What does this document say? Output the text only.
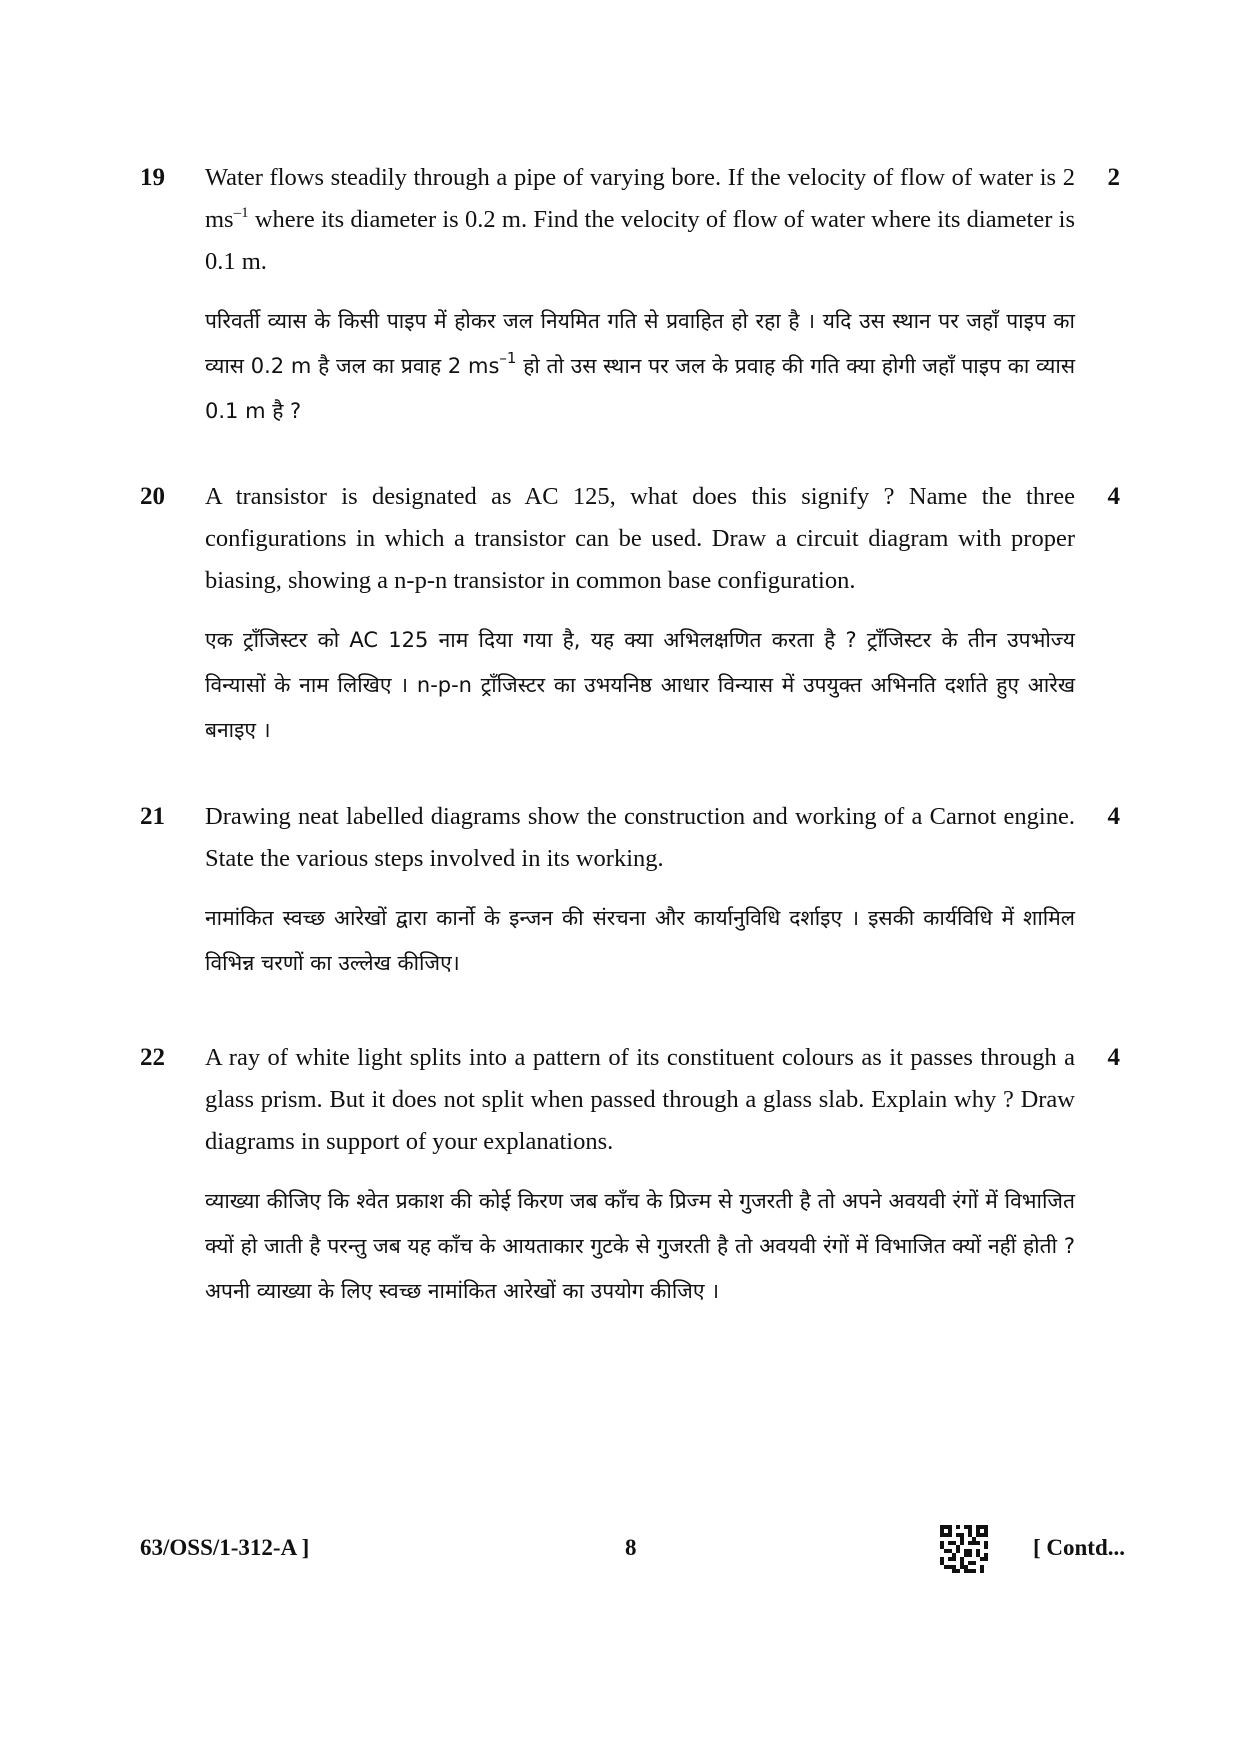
19	2
Water flows steadily through a pipe of varying bore. If the velocity of flow of water is 2 $ms^{-1}$ where its diameter is 0.2 m. Find the velocity of flow of water where its diameter is 0.1 m.
परिवर्ती व्यास के किसी पाइप में होकर जल नियमित गति से प्रवाहित हो रहा है । यदि उस स्थान पर जहाँ पाइप का व्यास 0.2 m है जल का प्रवाह 2 $ms^{-1}$ हो तो उस स्थान पर जल के प्रवाह की गति क्या होगी जहाँ पाइप का व्यास 0.1 m है ?
20	4
A transistor is designated as AC 125, what does this signify ? Name the three configurations in which a transistor can be used. Draw a circuit diagram with proper biasing, showing a n-p-n transistor in common base configuration.
एक ट्राँजिस्टर को AC 125 नाम दिया गया है, यह क्या अभिलक्षणित करता है ? ट्राँजिस्टर के तीन उपभोज्य विन्यासों के नाम लिखिए । n-p-n ट्राँजिस्टर का उभयनिष्ठ आधार विन्यास में उपयुक्त अभिनति दर्शाते हुए आरेख बनाइए ।
21	4
Drawing neat labelled diagrams show the construction and working of a Carnot engine. State the various steps involved in its working.
नामांकित स्वच्छ आरेखों द्वारा कार्नो के इन्जन की संरचना और कार्यानुविधि दर्शाइए । इसकी कार्यविधि में शामिल विभिन्न चरणों का उल्लेख कीजिए।
22	4
A ray of white light splits into a pattern of its constituent colours as it passes through a glass prism. But it does not split when passed through a glass slab. Explain why ? Draw diagrams in support of your explanations.
व्याख्या कीजिए कि श्वेत प्रकाश की कोई किरण जब काँच के प्रिज्म से गुजरती है तो अपने अवयवी रंगों में विभाजित क्यों हो जाती है परन्तु जब यह काँच के आयताकार गुटके से गुजरती है तो अवयवी रंगों में विभाजित क्यों नहीं होती ? अपनी व्याख्या के लिए स्वच्छ नामांकित आरेखों का उपयोग कीजिए ।
63/OSS/1-312-A ]	8	[ Contd...
